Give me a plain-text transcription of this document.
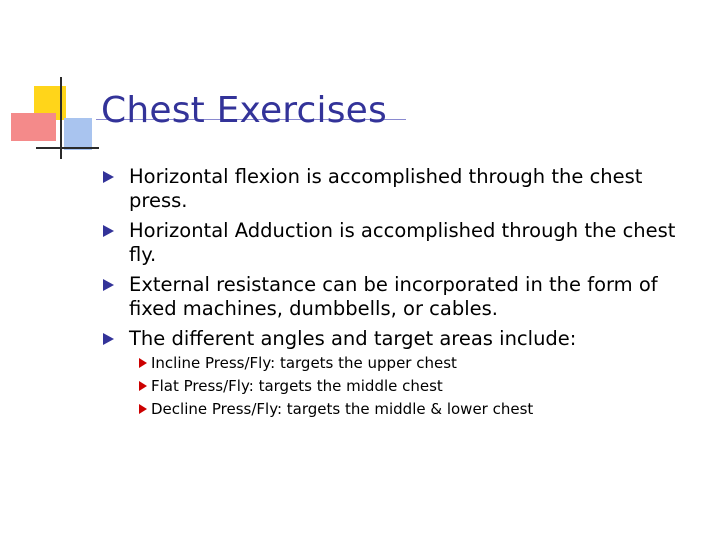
Chest Exercises
Horizontal flexion is accomplished through the chest press.
Horizontal Adduction is accomplished through the chest fly.
External resistance can be incorporated in the form of fixed machines, dumbbells, or cables.
The different angles and target areas include:
Incline Press/Fly: targets the upper chest
Flat Press/Fly: targets the middle chest
Decline Press/Fly: targets the middle & lower chest
